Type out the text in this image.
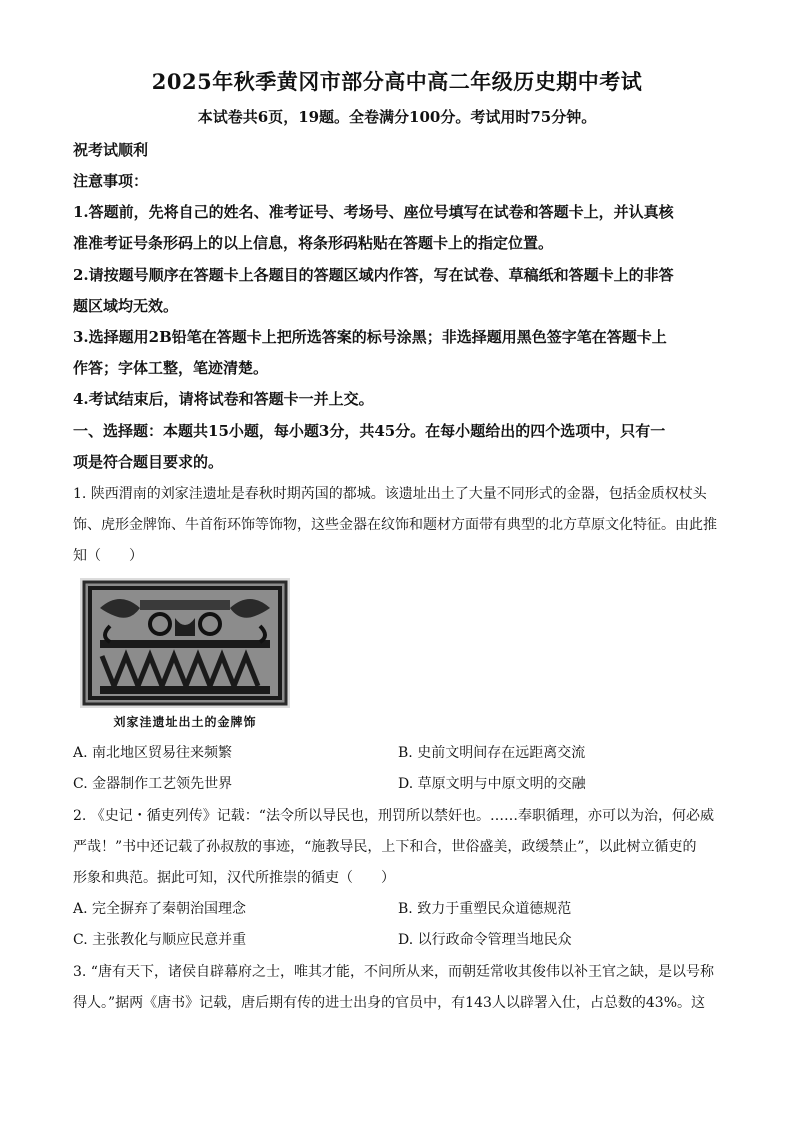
2025年秋季黄冈市部分高中高二年级历史期中考试
本试卷共6页，19题。全卷满分100分。考试用时75分钟。
祝考试顺利
注意事项：
1.答题前，先将自己的姓名、准考证号、考场号、座位号填写在试卷和答题卡上，并认真核
准准考证号条形码上的以上信息，将条形码粘贴在答题卡上的指定位置。
2.请按题号顺序在答题卡上各题目的答题区域内作答，写在试卷、草稿纸和答题卡上的非答
题区域均无效。
3.选择题用2B铅笔在答题卡上把所选答案的标号涂黑；非选择题用黑色签字笔在答题卡上
作答；字体工整，笔迹清楚。
4.考试结束后，请将试卷和答题卡一并上交。
一、选择题：本题共15小题，每小题3分，共45分。在每小题给出的四个选项中，只有一
项是符合题目要求的。
1. 陕西渭南的刘家洼遗址是春秋时期芮国的都城。该遗址出土了大量不同形式的金器，包括金质权杖头
饰、虎形金牌饰、牛首衔环饰等饰物，这些金器在纹饰和题材方面带有典型的北方草原文化特征。由此推
知（　　）
刘家洼遗址出土的金牌饰
A. 南北地区贸易往来频繁	B. 史前文明间存在远距离交流
C. 金器制作工艺领先世界	D. 草原文明与中原文明的交融
2. 《史记・循吏列传》记载：“法令所以导民也，刑罚所以禁奸也。……奉职循理，亦可以为治，何必威
严哉！”书中还记载了孙叔敖的事迹，“施教导民，上下和合，世俗盛美，政缓禁止”，以此树立循吏的
形象和典范。据此可知，汉代所推崇的循吏（　　）
A. 完全摒弃了秦朝治国理念	B. 致力于重塑民众道德规范
C. 主张教化与顺应民意并重	D. 以行政命令管理当地民众
3. “唐有天下，诸侯自辟幕府之士，唯其才能，不问所从来，而朝廷常收其俊伟以补王官之缺，是以号称
得人。”据两《唐书》记载，唐后期有传的进士出身的官员中，有143人以辟署入仕，占总数的43%。这
